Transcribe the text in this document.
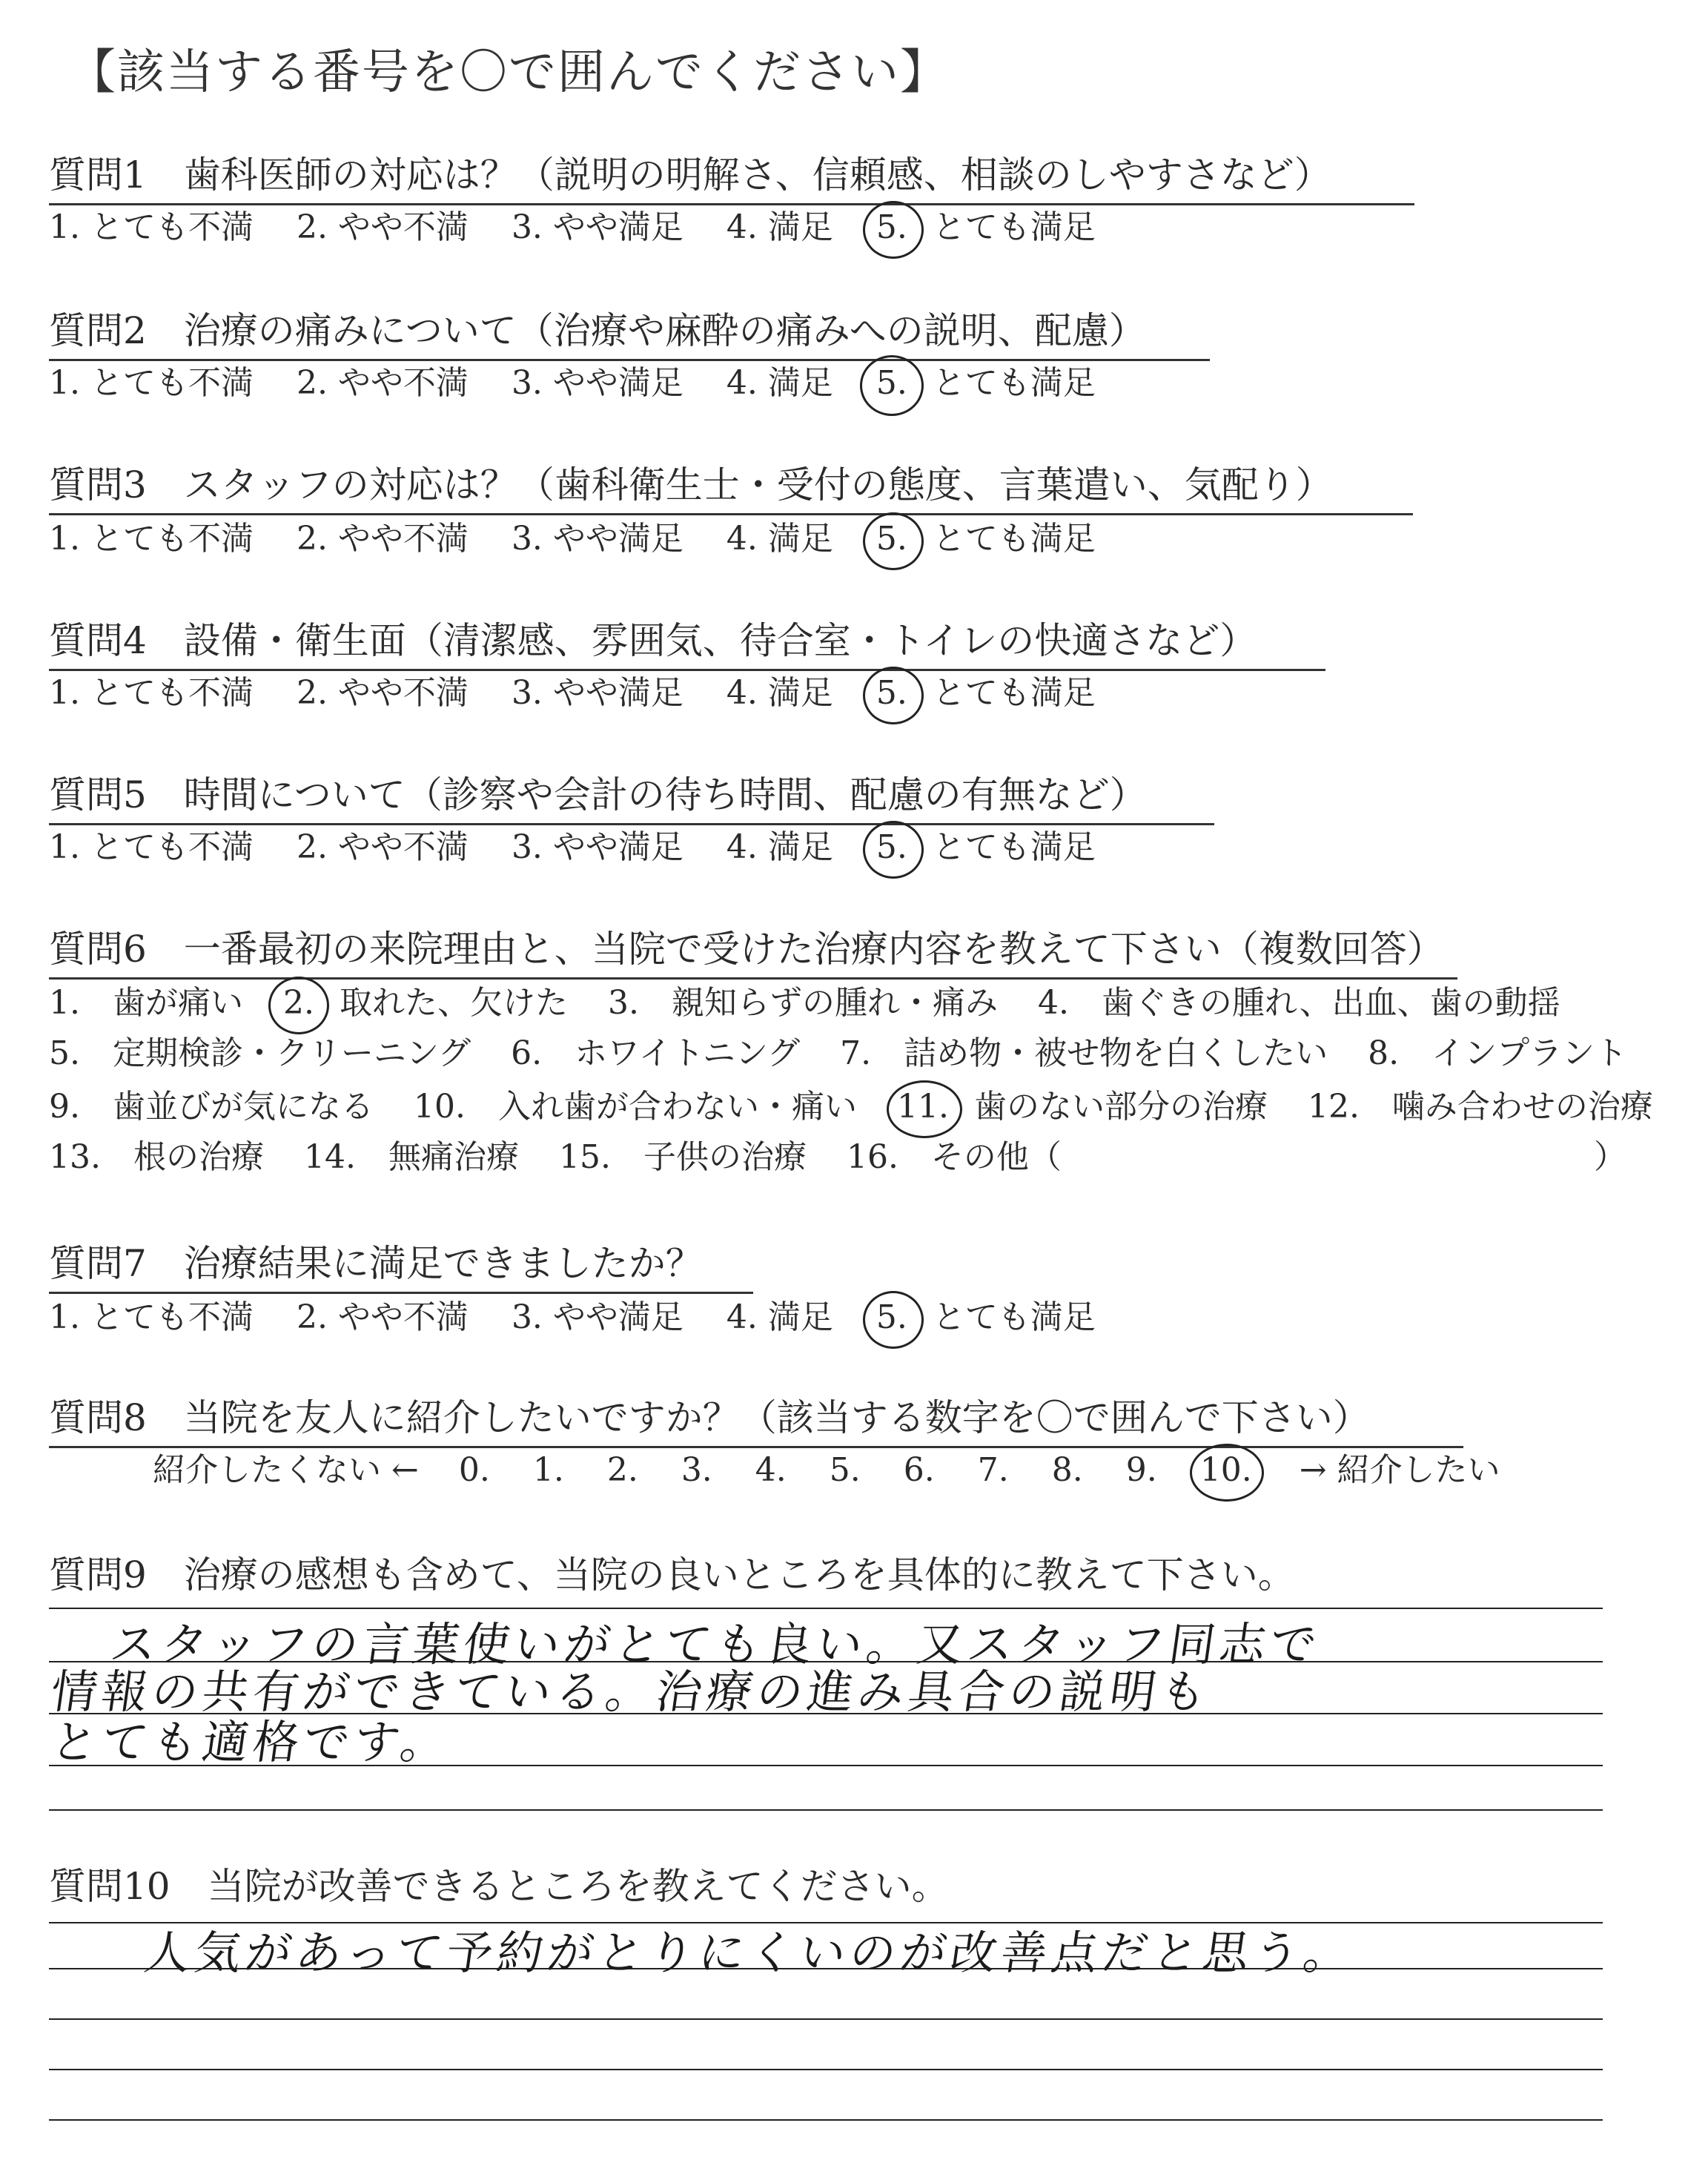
【該当する番号を〇で囲んでください】
質問1　歯科医師の対応は？（説明の明解さ、信頼感、相談のしやすさなど）
1. とても不満 2. やや不満 3. やや満足 4. 満足 5. とても満足
質問2　治療の痛みについて（治療や麻酔の痛みへの説明、配慮）
1. とても不満 2. やや不満 3. やや満足 4. 満足 5. とても満足
質問3　スタッフの対応は？（歯科衛生士・受付の態度、言葉遣い、気配り）
1. とても不満 2. やや不満 3. やや満足 4. 満足 5. とても満足
質問4　設備・衛生面（清潔感、雰囲気、待合室・トイレの快適さなど）
1. とても不満 2. やや不満 3. やや満足 4. 満足 5. とても満足
質問5　時間について（診察や会計の待ち時間、配慮の有無など）
1. とても不満 2. やや不満 3. やや満足 4. 満足 5. とても満足
質問6　一番最初の来院理由と、当院で受けた治療内容を教えて下さい（複数回答）
1.　歯が痛い 2. 取れた、欠けた 3.　親知らずの腫れ・痛み 4.　歯ぐきの腫れ、出血、歯の動揺
5.　定期検診・クリーニング 6.　ホワイトニング 7.　詰め物・被せ物を白くしたい 8.　インプラント
9.　歯並びが気になる 10.　入れ歯が合わない・痛い 11. 歯のない部分の治療 12.　噛み合わせの治療
13.　根の治療 14.　無痛治療 15.　子供の治療 16.　その他（	）
質問7　治療結果に満足できましたか？
1. とても不満 2. やや不満 3. やや満足 4. 満足 5. とても満足
質問8　当院を友人に紹介したいですか？（該当する数字を〇で囲んで下さい）
紹介したくない ← 0. 1. 2. 3. 4. 5. 6. 7. 8. 9. 10. → 紹介したい
質問9　治療の感想も含めて、当院の良いところを具体的に教えて下さい。
スタッフの言葉使いがとても良い。又スタッフ同志で
情報の共有ができている。治療の進み具合の説明も
とても適格です。
質問10　当院が改善できるところを教えてください。
人気があって予約がとりにくいのが改善点だと思う。
